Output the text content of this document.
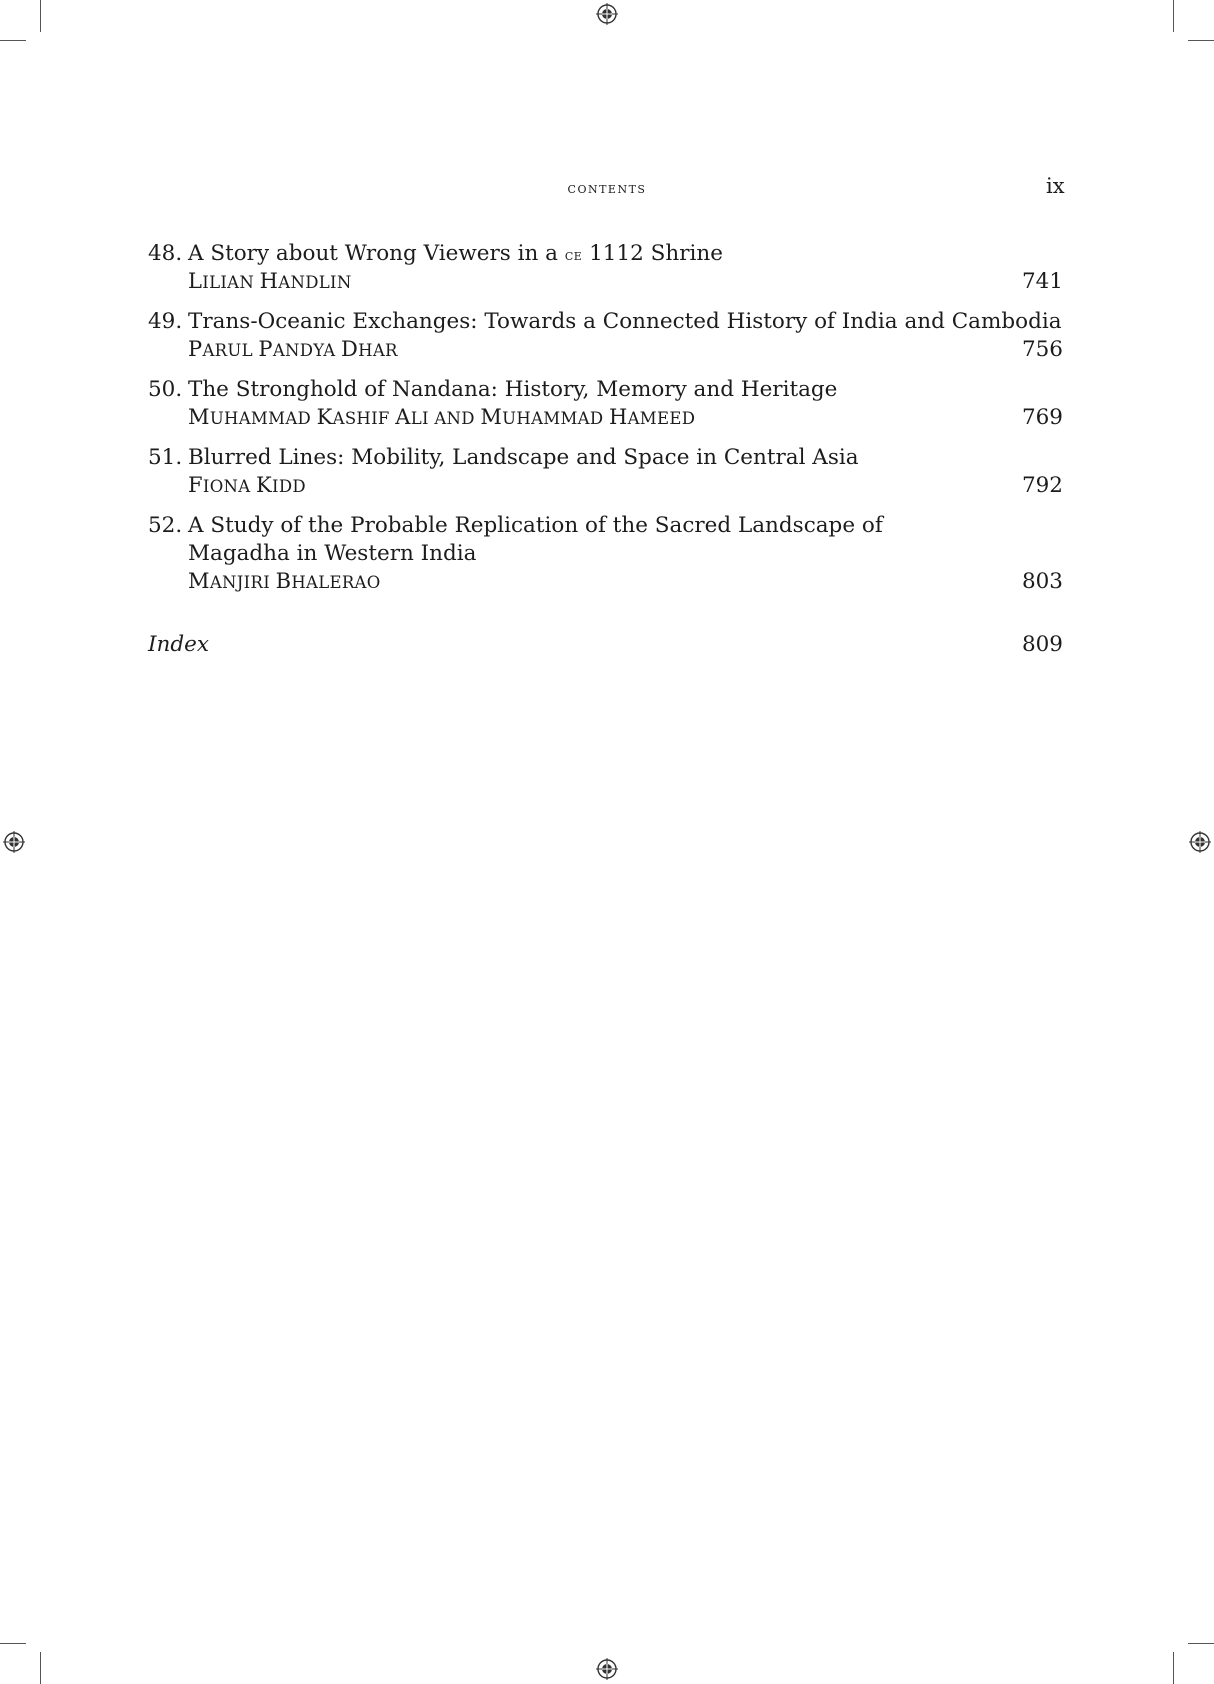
contents	ix
48. A Story about Wrong Viewers in a ce 1112 Shrine
LILIAN HANDLIN	741
49. Trans-Oceanic Exchanges: Towards a Connected History of India and Cambodia
PARUL PANDYA DHAR	756
50. The Stronghold of Nandana: History, Memory and Heritage
MUHAMMAD KASHIF ALI AND MUHAMMAD HAMEED	769
51. Blurred Lines: Mobility, Landscape and Space in Central Asia
FIONA KIDD	792
52. A Study of the Probable Replication of the Sacred Landscape of
Magadha in Western India
MANJIRI BHALERAO	803
Index	809
